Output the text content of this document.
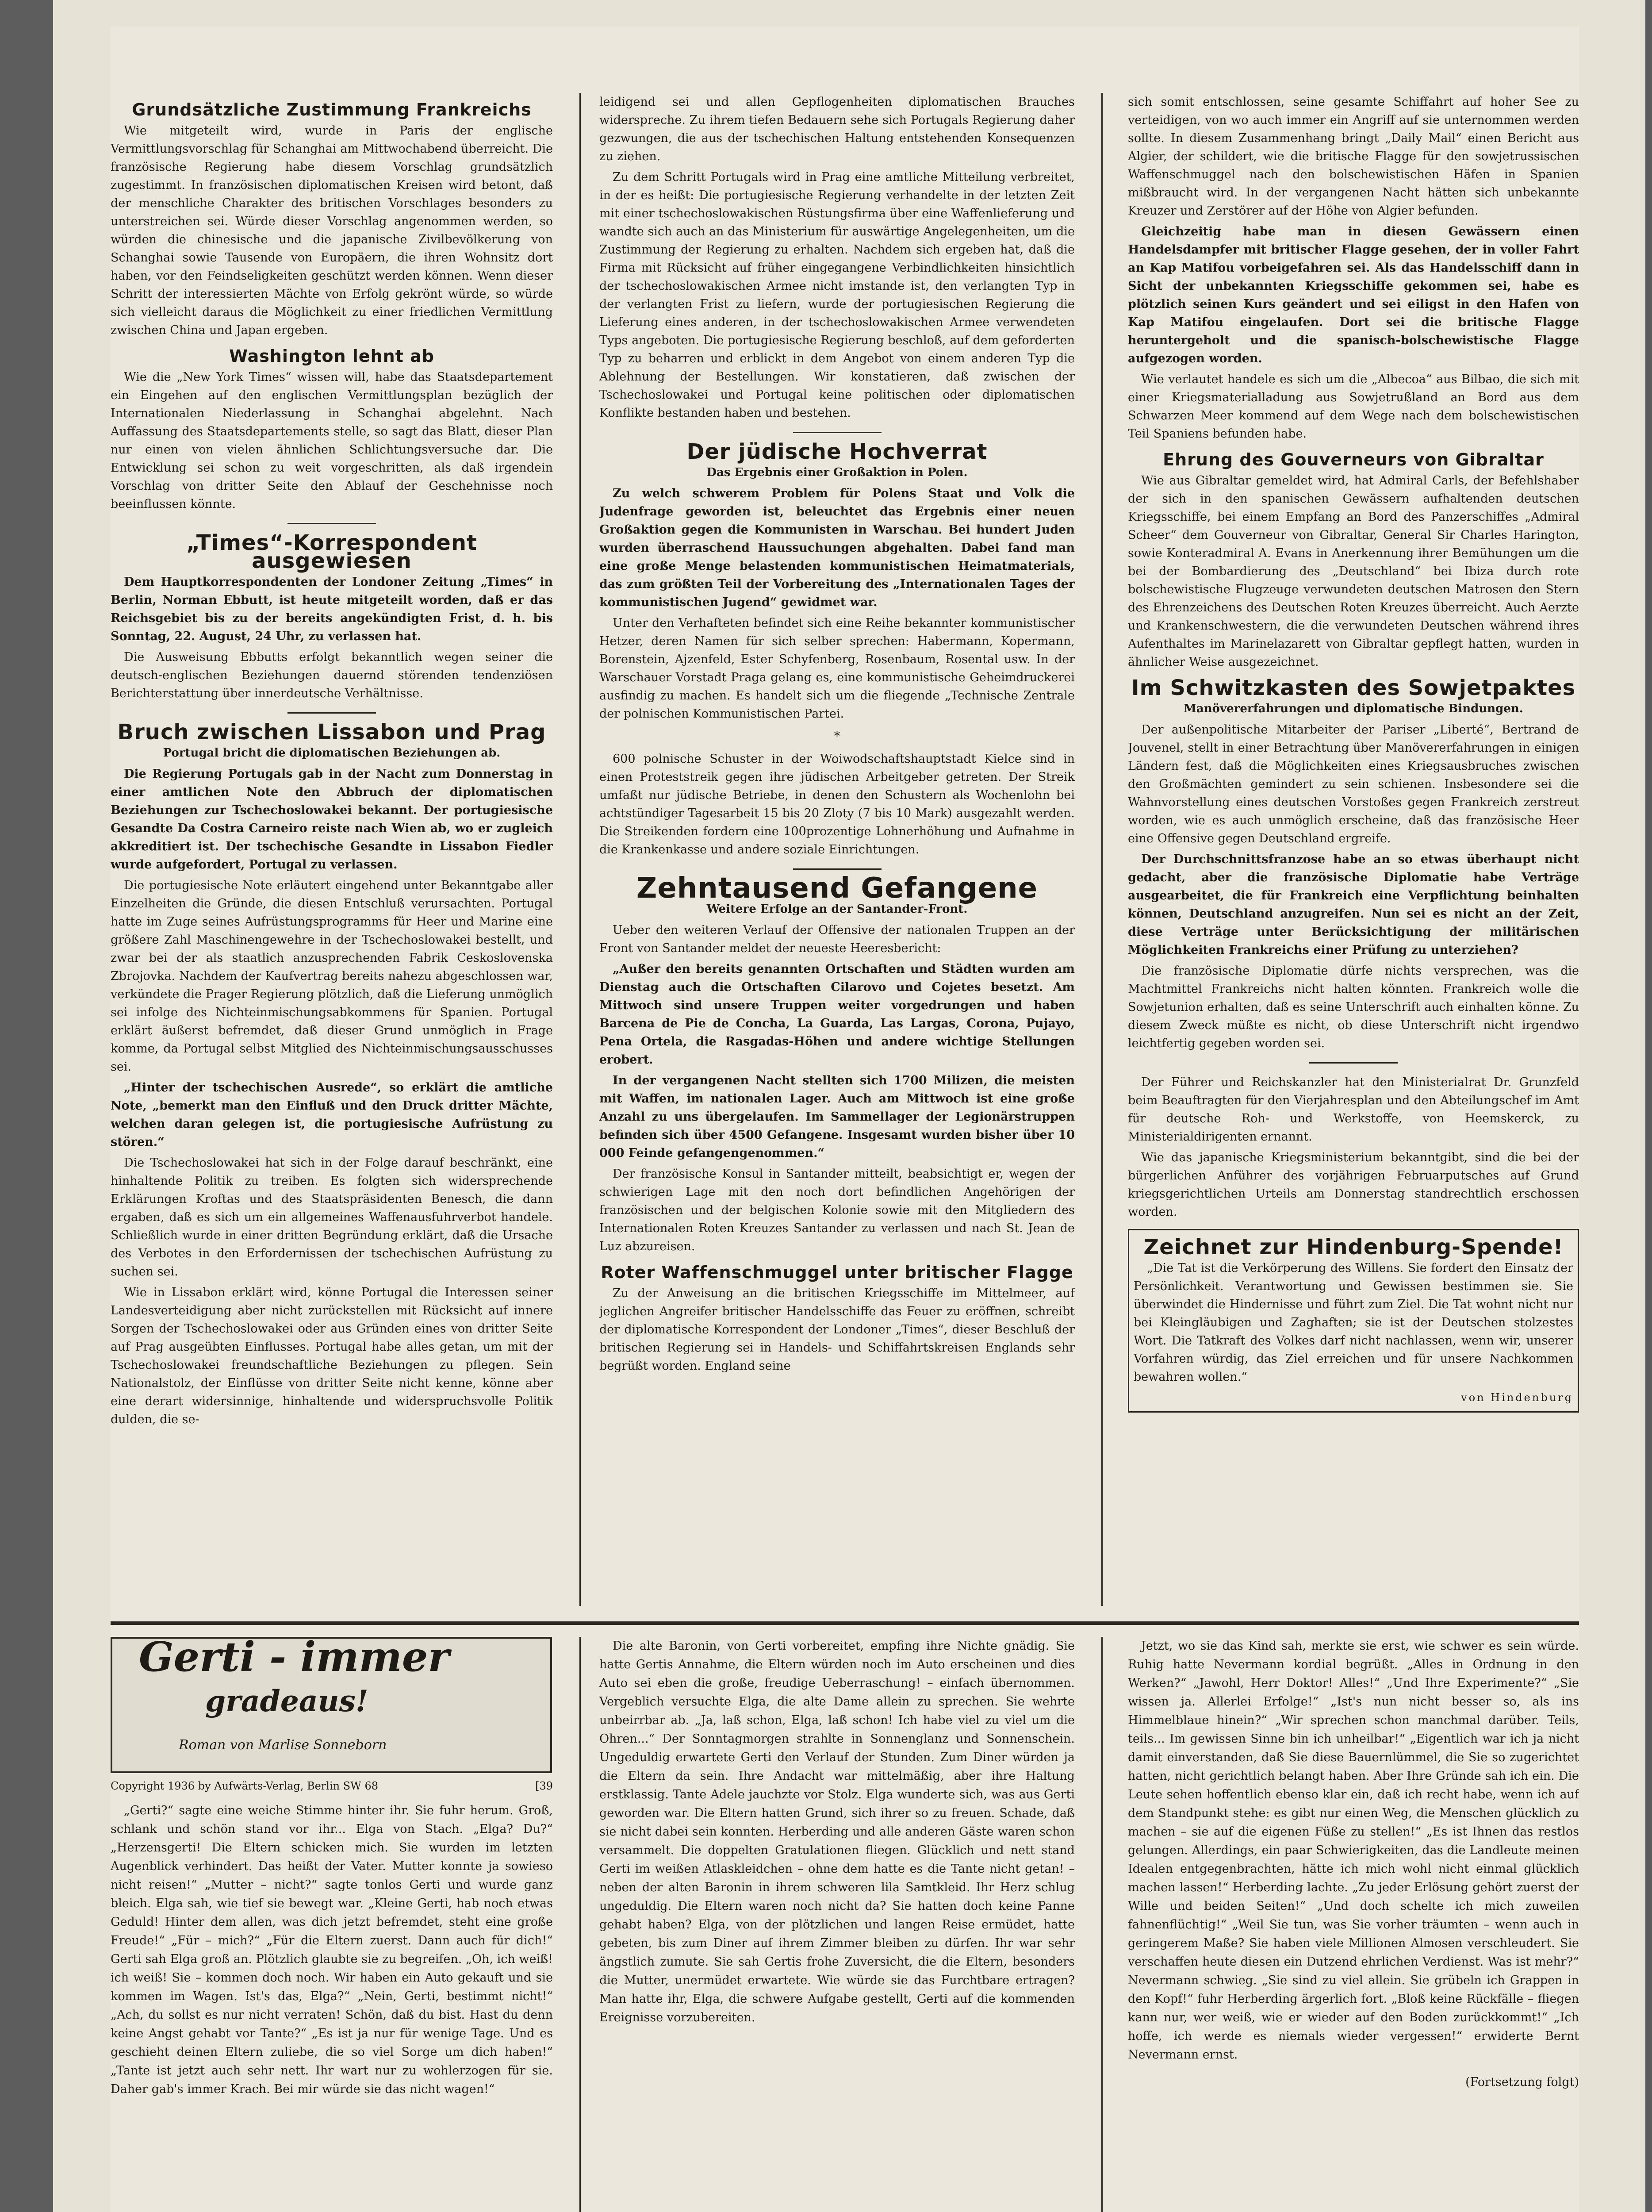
Grundsätzliche Zustimmung Frankreichs

Wie mitgeteilt wird, wurde in Paris der englische Vermittlungsvorschlag für Schanghai am Mittwochabend überreicht. Die französische Regierung habe diesem Vorschlag grundsätzlich zugestimmt. In französischen diplomatischen Kreisen wird betont, daß der menschliche Charakter des britischen Vorschlages besonders zu unterstreichen sei. Würde dieser Vorschlag angenommen werden, so würden die chinesische und die japanische Zivilbevölkerung von Schanghai sowie Tausende von Europäern, die ihren Wohnsitz dort haben, vor den Feindseligkeiten geschützt werden können. Wenn dieser Schritt der interessierten Mächte von Erfolg gekrönt würde, so würde sich vielleicht daraus die Möglichkeit zu einer friedlichen Vermittlung zwischen China und Japan ergeben.

Washington lehnt ab

Wie die „New York Times“ wissen will, habe das Staatsdepartement ein Eingehen auf den englischen Vermittlungsplan bezüglich der Internationalen Niederlassung in Schanghai abgelehnt. Nach Auffassung des Staatsdepartements stelle, so sagt das Blatt, dieser Plan nur einen von vielen ähnlichen Schlichtungsversuche dar. Die Entwicklung sei schon zu weit vorgeschritten, als daß irgendein Vorschlag von dritter Seite den Ablauf der Geschehnisse noch beeinflussen könnte.

„Times“-Korrespondent ausgewiesen

Dem Hauptkorrespondenten der Londoner Zeitung „Times“ in Berlin, Norman Ebbutt, ist heute mitgeteilt worden, daß er das Reichsgebiet bis zu der bereits angekündigten Frist, d. h. bis Sonntag, 22. August, 24 Uhr, zu verlassen hat.

Die Ausweisung Ebbutts erfolgt bekanntlich wegen seiner die deutsch-englischen Beziehungen dauernd störenden tendenziösen Berichterstattung über innerdeutsche Verhältnisse.

Bruch zwischen Lissabon und Prag
Portugal bricht die diplomatischen Beziehungen ab.

Die Regierung Portugals gab in der Nacht zum Donnerstag in einer amtlichen Note den Abbruch der diplomatischen Beziehungen zur Tschechoslowakei bekannt. Der portugiesische Gesandte Da Costra Carneiro reiste nach Wien ab, wo er zugleich akkreditiert ist. Der tschechische Gesandte in Lissabon Fiedler wurde aufgefordert, Portugal zu verlassen.

Die portugiesische Note erläutert eingehend unter Bekanntgabe aller Einzelheiten die Gründe, die diesen Entschluß verursachten. Portugal hatte im Zuge seines Aufrüstungsprogramms für Heer und Marine eine größere Zahl Maschinengewehre in der Tschechoslowakei bestellt, und zwar bei der als staatlich anzusprechenden Fabrik Ceskoslovenska Zbrojovka. Nachdem der Kaufvertrag bereits nahezu abgeschlossen war, verkündete die Prager Regierung plötzlich, daß die Lieferung unmöglich sei infolge des Nichteinmischungsabkommens für Spanien. Portugal erklärt äußerst befremdet, daß dieser Grund unmöglich in Frage komme, da Portugal selbst Mitglied des Nichteinmischungsausschusses sei.

„Hinter der tschechischen Ausrede“, so erklärt die amtliche Note, „bemerkt man den Einfluß und den Druck dritter Mächte, welchen daran gelegen ist, die portugiesische Aufrüstung zu stören.“

Die Tschechoslowakei hat sich in der Folge darauf beschränkt, eine hinhaltende Politik zu treiben. Es folgten sich widersprechende Erklärungen Kroftas und des Staatspräsidenten Benesch, die dann ergaben, daß es sich um ein allgemeines Waffenausfuhrverbot handele. Schließlich wurde in einer dritten Begründung erklärt, daß die Ursache des Verbotes in den Erfordernissen der tschechischen Aufrüstung zu suchen sei.

Wie in Lissabon erklärt wird, könne Portugal die Interessen seiner Landesverteidigung aber nicht zurückstellen mit Rücksicht auf innere Sorgen der Tschechoslowakei oder aus Gründen eines von dritter Seite auf Prag ausgeübten Einflusses. Portugal habe alles getan, um mit der Tschechoslowakei freundschaftliche Beziehungen zu pflegen. Sein Nationalstolz, der Einflüsse von dritter Seite nicht kenne, könne aber eine derart widersinnige, hinhaltende und widerspruchsvolle Politik dulden, die se-

leidigend sei und allen Gepflogenheiten diplomatischen Brauches widerspreche. Zu ihrem tiefen Bedauern sehe sich Portugals Regierung daher gezwungen, die aus der tschechischen Haltung entstehenden Konsequenzen zu ziehen.

Zu dem Schritt Portugals wird in Prag eine amtliche Mitteilung verbreitet, in der es heißt: Die portugiesische Regierung verhandelte in der letzten Zeit mit einer tschechoslowakischen Rüstungsfirma über eine Waffenlieferung und wandte sich auch an das Ministerium für auswärtige Angelegenheiten, um die Zustimmung der Regierung zu erhalten. Nachdem sich ergeben hat, daß die Firma mit Rücksicht auf früher eingegangene Verbindlichkeiten hinsichtlich der tschechoslowakischen Armee nicht imstande ist, den verlangten Typ in der verlangten Frist zu liefern, wurde der portugiesischen Regierung die Lieferung eines anderen, in der tschechoslowakischen Armee verwendeten Typs angeboten. Die portugiesische Regierung beschloß, auf dem geforderten Typ zu beharren und erblickt in dem Angebot von einem anderen Typ die Ablehnung der Bestellungen. Wir konstatieren, daß zwischen der Tschechoslowakei und Portugal keine politischen oder diplomatischen Konflikte bestanden haben und bestehen.

Der jüdische Hochverrat
Das Ergebnis einer Großaktion in Polen.

Zu welch schwerem Problem für Polens Staat und Volk die Judenfrage geworden ist, beleuchtet das Ergebnis einer neuen Großaktion gegen die Kommunisten in Warschau. Bei hundert Juden wurden überraschend Haussuchungen abgehalten. Dabei fand man eine große Menge belastenden kommunistischen Heimatmaterials, das zum größten Teil der Vorbereitung des „Internationalen Tages der kommunistischen Jugend“ gewidmet war.

Unter den Verhafteten befindet sich eine Reihe bekannter kommunistischer Hetzer, deren Namen für sich selber sprechen: Habermann, Kopermann, Borenstein, Ajzenfeld, Ester Schyfenberg, Rosenbaum, Rosental usw. In der Warschauer Vorstadt Praga gelang es, eine kommunistische Geheimdruckerei ausfindig zu machen. Es handelt sich um die fliegende „Technische Zentrale der polnischen Kommunistischen Partei.

*

600 polnische Schuster in der Woiwodschaftshauptstadt Kielce sind in einen Proteststreik gegen ihre jüdischen Arbeitgeber getreten. Der Streik umfaßt nur jüdische Betriebe, in denen den Schustern als Wochenlohn bei achtstündiger Tagesarbeit 15 bis 20 Zloty (7 bis 10 Mark) ausgezahlt werden. Die Streikenden fordern eine 100prozentige Lohnerhöhung und Aufnahme in die Krankenkasse und andere soziale Einrichtungen.

Zehntausend Gefangene
Weitere Erfolge an der Santander-Front.

Ueber den weiteren Verlauf der Offensive der nationalen Truppen an der Front von Santander meldet der neueste Heeresbericht:

„Außer den bereits genannten Ortschaften und Städten wurden am Dienstag auch die Ortschaften Cilarovo und Cojetes besetzt. Am Mittwoch sind unsere Truppen weiter vorgedrungen und haben Barcena de Pie de Concha, La Guarda, Las Largas, Corona, Pujayo, Pena Ortela, die Rasgadas-Höhen und andere wichtige Stellungen erobert.

In der vergangenen Nacht stellten sich 1700 Milizen, die meisten mit Waffen, im nationalen Lager. Auch am Mittwoch ist eine große Anzahl zu uns übergelaufen. Im Sammellager der Legionärstruppen befinden sich über 4500 Gefangene. Insgesamt wurden bisher über 10 000 Feinde gefangengenommen.“

Der französische Konsul in Santander mitteilt, beabsichtigt er, wegen der schwierigen Lage mit den noch dort befindlichen Angehörigen der französischen und der belgischen Kolonie sowie mit den Mitgliedern des Internationalen Roten Kreuzes Santander zu verlassen und nach St. Jean de Luz abzureisen.

Roter Waffenschmuggel unter britischer Flagge

Zu der Anweisung an die britischen Kriegsschiffe im Mittelmeer, auf jeglichen Angreifer britischer Handelsschiffe das Feuer zu eröffnen, schreibt der diplomatische Korrespondent der Londoner „Times“, dieser Beschluß der britischen Regierung sei in Handels- und Schiffahrtskreisen Englands sehr begrüßt worden. England seine

sich somit entschlossen, seine gesamte Schiffahrt auf hoher See zu verteidigen, von wo auch immer ein Angriff auf sie unternommen werden sollte. In diesem Zusammenhang bringt „Daily Mail“ einen Bericht aus Algier, der schildert, wie die britische Flagge für den sowjetrussischen Waffenschmuggel nach den bolschewistischen Häfen in Spanien mißbraucht wird. In der vergangenen Nacht hätten sich unbekannte Kreuzer und Zerstörer auf der Höhe von Algier befunden.

Gleichzeitig habe man in diesen Gewässern einen Handelsdampfer mit britischer Flagge gesehen, der in voller Fahrt an Kap Matifou vorbeigefahren sei. Als das Handelsschiff dann in Sicht der unbekannten Kriegsschiffe gekommen sei, habe es plötzlich seinen Kurs geändert und sei eiligst in den Hafen von Kap Matifou eingelaufen. Dort sei die britische Flagge heruntergeholt und die spanisch-bolschewistische Flagge aufgezogen worden.

Wie verlautet handele es sich um die „Albecoa“ aus Bilbao, die sich mit einer Kriegsmaterialladung aus Sowjetrußland an Bord aus dem Schwarzen Meer kommend auf dem Wege nach dem bolschewistischen Teil Spaniens befunden habe.

Ehrung des Gouverneurs von Gibraltar

Wie aus Gibraltar gemeldet wird, hat Admiral Carls, der Befehlshaber der sich in den spanischen Gewässern aufhaltenden deutschen Kriegsschiffe, bei einem Empfang an Bord des Panzerschiffes „Admiral Scheer“ dem Gouverneur von Gibraltar, General Sir Charles Harington, sowie Konteradmiral A. Evans in Anerkennung ihrer Bemühungen um die bei der Bombardierung des „Deutschland“ bei Ibiza durch rote bolschewistische Flugzeuge verwundeten deutschen Matrosen den Stern des Ehrenzeichens des Deutschen Roten Kreuzes überreicht. Auch Aerzte und Krankenschwestern, die die verwundeten Deutschen während ihres Aufenthaltes im Marinelazarett von Gibraltar gepflegt hatten, wurden in ähnlicher Weise ausgezeichnet.

Im Schwitzkasten des Sowjetpaktes
Manövererfahrungen und diplomatische Bindungen.

Der außenpolitische Mitarbeiter der Pariser „Liberté“, Bertrand de Jouvenel, stellt in einer Betrachtung über Manövererfahrungen in einigen Ländern fest, daß die Möglichkeiten eines Kriegsausbruches zwischen den Großmächten gemindert zu sein schienen. Insbesondere sei die Wahnvorstellung eines deutschen Vorstoßes gegen Frankreich zerstreut worden, wie es auch unmöglich erscheine, daß das französische Heer eine Offensive gegen Deutschland ergreife.

Der Durchschnittsfranzose habe an so etwas überhaupt nicht gedacht, aber die französische Diplomatie habe Verträge ausgearbeitet, die für Frankreich eine Verpflichtung beinhalten können, Deutschland anzugreifen. Nun sei es nicht an der Zeit, diese Verträge unter Berücksichtigung der militärischen Möglichkeiten Frankreichs einer Prüfung zu unterziehen?

Die französische Diplomatie dürfe nichts versprechen, was die Machtmittel Frankreichs nicht halten könnten. Frankreich wolle die Sowjetunion erhalten, daß es seine Unterschrift auch einhalten könne. Zu diesem Zweck müßte es nicht, ob diese Unterschrift nicht irgendwo leichtfertig gegeben worden sei.

Der Führer und Reichskanzler hat den Ministerialrat Dr. Grunzfeld beim Beauftragten für den Vierjahresplan und den Abteilungschef im Amt für deutsche Roh- und Werkstoffe, von Heemskerck, zu Ministerialdirigenten ernannt.

Wie das japanische Kriegsministerium bekanntgibt, sind die bei der bürgerlichen Anführer des vorjährigen Februarputsches auf Grund kriegsgerichtlichen Urteils am Donnerstag standrechtlich erschossen worden.

Zeichnet zur Hindenburg-Spende!

„Die Tat ist die Verkörperung des Willens. Sie fordert den Einsatz der Persönlichkeit. Verantwortung und Gewissen bestimmen sie. Sie überwindet die Hindernisse und führt zum Ziel. Die Tat wohnt nicht nur bei Kleingläubigen und Zaghaften; sie ist der Deutschen stolzestes Wort. Die Tatkraft des Volkes darf nicht nachlassen, wenn wir, unserer Vorfahren würdig, das Ziel erreichen und für unsere Nachkommen bewahren wollen.“

von Hindenburg
Gerti - immer
gradeaus!
Roman von Marlise Sonneborn
Copyright 1936 by Aufwärts-Verlag, Berlin SW 68	[39

„Gerti?“ sagte eine weiche Stimme hinter ihr. Sie fuhr herum. Groß, schlank und schön stand vor ihr... Elga von Stach. „Elga? Du?“ „Herzensgerti! Die Eltern schicken mich. Sie wurden im letzten Augenblick verhindert. Das heißt der Vater. Mutter konnte ja sowieso nicht reisen!“ „Mutter – nicht?“ sagte tonlos Gerti und wurde ganz bleich. Elga sah, wie tief sie bewegt war. „Kleine Gerti, hab noch etwas Geduld! Hinter dem allen, was dich jetzt befremdet, steht eine große Freude!“ „Für – mich?“ „Für die Eltern zuerst. Dann auch für dich!“ Gerti sah Elga groß an. Plötzlich glaubte sie zu begreifen. „Oh, ich weiß! ich weiß! Sie – kommen doch noch. Wir haben ein Auto gekauft und sie kommen im Wagen. Ist's das, Elga?“ „Nein, Gerti, bestimmt nicht!“ „Ach, du sollst es nur nicht verraten! Schön, daß du bist. Hast du denn keine Angst gehabt vor Tante?“ „Es ist ja nur für wenige Tage. Und es geschieht deinen Eltern zuliebe, die so viel Sorge um dich haben!“ „Tante ist jetzt auch sehr nett. Ihr wart nur zu wohlerzogen für sie. Daher gab's immer Krach. Bei mir würde sie das nicht wagen!“

Die alte Baronin, von Gerti vorbereitet, empfing ihre Nichte gnädig. Sie hatte Gertis Annahme, die Eltern würden noch im Auto erscheinen und dies Auto sei eben die große, freudige Ueberraschung! – einfach übernommen. Vergeblich versuchte Elga, die alte Dame allein zu sprechen. Sie wehrte unbeirrbar ab. „Ja, laß schon, Elga, laß schon! Ich habe viel zu viel um die Ohren...“ Der Sonntagmorgen strahlte in Sonnenglanz und Sonnenschein. Ungeduldig erwartete Gerti den Verlauf der Stunden. Zum Diner würden ja die Eltern da sein. Ihre Andacht war mittelmäßig, aber ihre Haltung erstklassig. Tante Adele jauchzte vor Stolz. Elga wunderte sich, was aus Gerti geworden war. Die Eltern hatten Grund, sich ihrer so zu freuen. Schade, daß sie nicht dabei sein konnten. Herberding und alle anderen Gäste waren schon versammelt. Die doppelten Gratulationen fliegen. Glücklich und nett stand Gerti im weißen Atlaskleidchen – ohne dem hatte es die Tante nicht getan! – neben der alten Baronin in ihrem schweren lila Samtkleid. Ihr Herz schlug ungeduldig. Die Eltern waren noch nicht da? Sie hatten doch keine Panne gehabt haben? Elga, von der plötzlichen und langen Reise ermüdet, hatte gebeten, bis zum Diner auf ihrem Zimmer bleiben zu dürfen. Ihr war sehr ängstlich zumute. Sie sah Gertis frohe Zuversicht, die die Eltern, besonders die Mutter, unermüdet erwartete. Wie würde sie das Furchtbare ertragen? Man hatte ihr, Elga, die schwere Aufgabe gestellt, Gerti auf die kommenden Ereignisse vorzubereiten.

Jetzt, wo sie das Kind sah, merkte sie erst, wie schwer es sein würde. Ruhig hatte Nevermann kordial begrüßt. „Alles in Ordnung in den Werken?“ „Jawohl, Herr Doktor! Alles!“ „Und Ihre Experimente?“ „Sie wissen ja. Allerlei Erfolge!“ „Ist's nun nicht besser so, als ins Himmelblaue hinein?“ „Wir sprechen schon manchmal darüber. Teils, teils... Im gewissen Sinne bin ich unheilbar!“ „Eigentlich war ich ja nicht damit einverstanden, daß Sie diese Bauernlümmel, die Sie so zugerichtet hatten, nicht gerichtlich belangt haben. Aber Ihre Gründe sah ich ein. Die Leute sehen hoffentlich ebenso klar ein, daß ich recht habe, wenn ich auf dem Standpunkt stehe: es gibt nur einen Weg, die Menschen glücklich zu machen – sie auf die eigenen Füße zu stellen!“ „Es ist Ihnen das restlos gelungen. Allerdings, ein paar Schwierigkeiten, das die Landleute meinen Idealen entgegenbrachten, hätte ich mich wohl nicht einmal glücklich machen lassen!“ Herberding lachte. „Zu jeder Erlösung gehört zuerst der Wille und beiden Seiten!“ „Und doch schelte ich mich zuweilen fahnenflüchtig!“ „Weil Sie tun, was Sie vorher träumten – wenn auch in geringerem Maße? Sie haben viele Millionen Almosen verschleudert. Sie verschaffen heute diesen ein Dutzend ehrlichen Verdienst. Was ist mehr?“ Nevermann schwieg. „Sie sind zu viel allein. Sie grübeln ich Grappen in den Kopf!“ fuhr Herberding ärgerlich fort. „Bloß keine Rückfälle – fliegen kann nur, wer weiß, wie er wieder auf den Boden zurückkommt!“ „Ich hoffe, ich werde es niemals wieder vergessen!“ erwiderte Bernt Nevermann ernst.

(Fortsetzung folgt)
